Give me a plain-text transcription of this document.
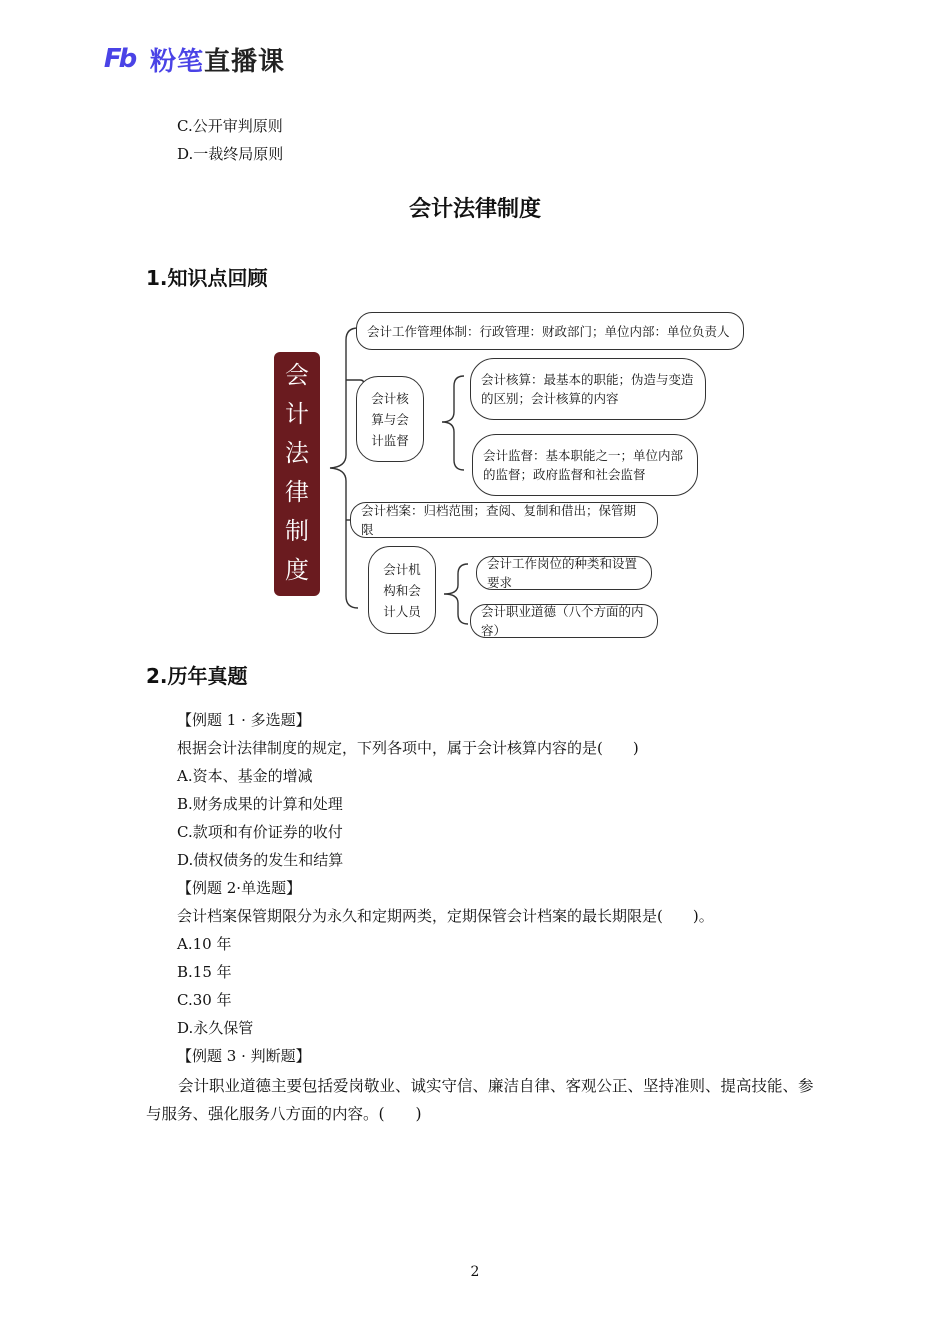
Fb 粉笔直播课
C.公开审判原则
D.一裁终局原则
会计法律制度
1.知识点回顾
会
计
法
律
制
度
会计工作管理体制：行政管理：财政部门；单位内部：单位负责人
会计核
算与会
计监督
会计核算：最基本的职能；伪造与变造的区别；会计核算的内容
会计监督：基本职能之一；单位内部的监督；政府监督和社会监督
会计档案：归档范围；查阅、复制和借出；保管期限
会计机
构和会
计人员
会计工作岗位的种类和设置要求
会计职业道德（八个方面的内容）
2.历年真题
【例题 1 · 多选题】
根据会计法律制度的规定，下列各项中，属于会计核算内容的是(　　)
A.资本、基金的增减
B.财务成果的计算和处理
C.款项和有价证券的收付
D.债权债务的发生和结算
【例题 2·单选题】
会计档案保管期限分为永久和定期两类，定期保管会计档案的最长期限是(　　)。
A.10 年
B.15 年
C.30 年
D.永久保管
【例题 3 · 判断题】
会计职业道德主要包括爱岗敬业、诚实守信、廉洁自律、客观公正、坚持准则、提高技能、参与服务、强化服务八方面的内容。(　　)
2
